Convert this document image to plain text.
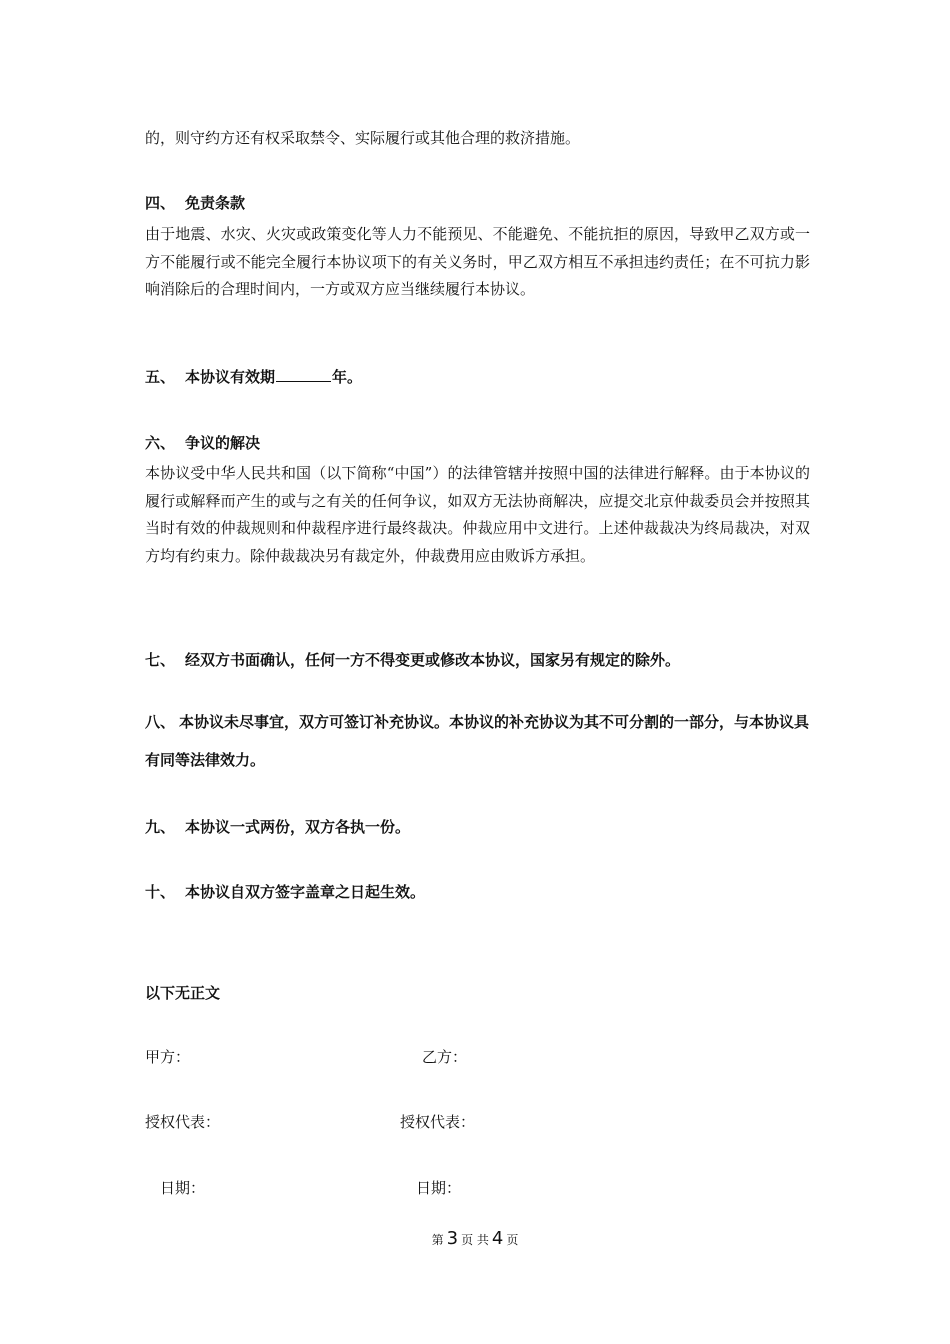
的，则守约方还有权采取禁令、实际履行或其他合理的救济措施。

四、 免责条款

由于地震、水灾、火灾或政策变化等人力不能预见、不能避免、不能抗拒的原因，导致甲乙双方或一方不能履行或不能完全履行本协议项下的有关义务时，甲乙双方相互不承担违约责任；在不可抗力影响消除后的合理时间内，一方或双方应当继续履行本协议。

五、 本协议有效期	年。

六、 争议的解决

本协议受中华人民共和国（以下简称“中国”）的法律管辖并按照中国的法律进行解释。由于本协议的履行或解释而产生的或与之有关的任何争议，如双方无法协商解决，应提交北京仲裁委员会并按照其当时有效的仲裁规则和仲裁程序进行最终裁决。仲裁应用中文进行。上述仲裁裁决为终局裁决，对双方均有约束力。除仲裁裁决另有裁定外，仲裁费用应由败诉方承担。

七、 经双方书面确认，任何一方不得变更或修改本协议，国家另有规定的除外。

八、 本协议未尽事宜，双方可签订补充协议。本协议的补充协议为其不可分割的一部分，与本协议具有同等法律效力。

九、 本协议一式两份，双方各执一份。

十、 本协议自双方签字盖章之日起生效。

以下无正文

甲方：	乙方：
授权代表：	授权代表：
日期：	日期：
第 3 页 共 4 页
